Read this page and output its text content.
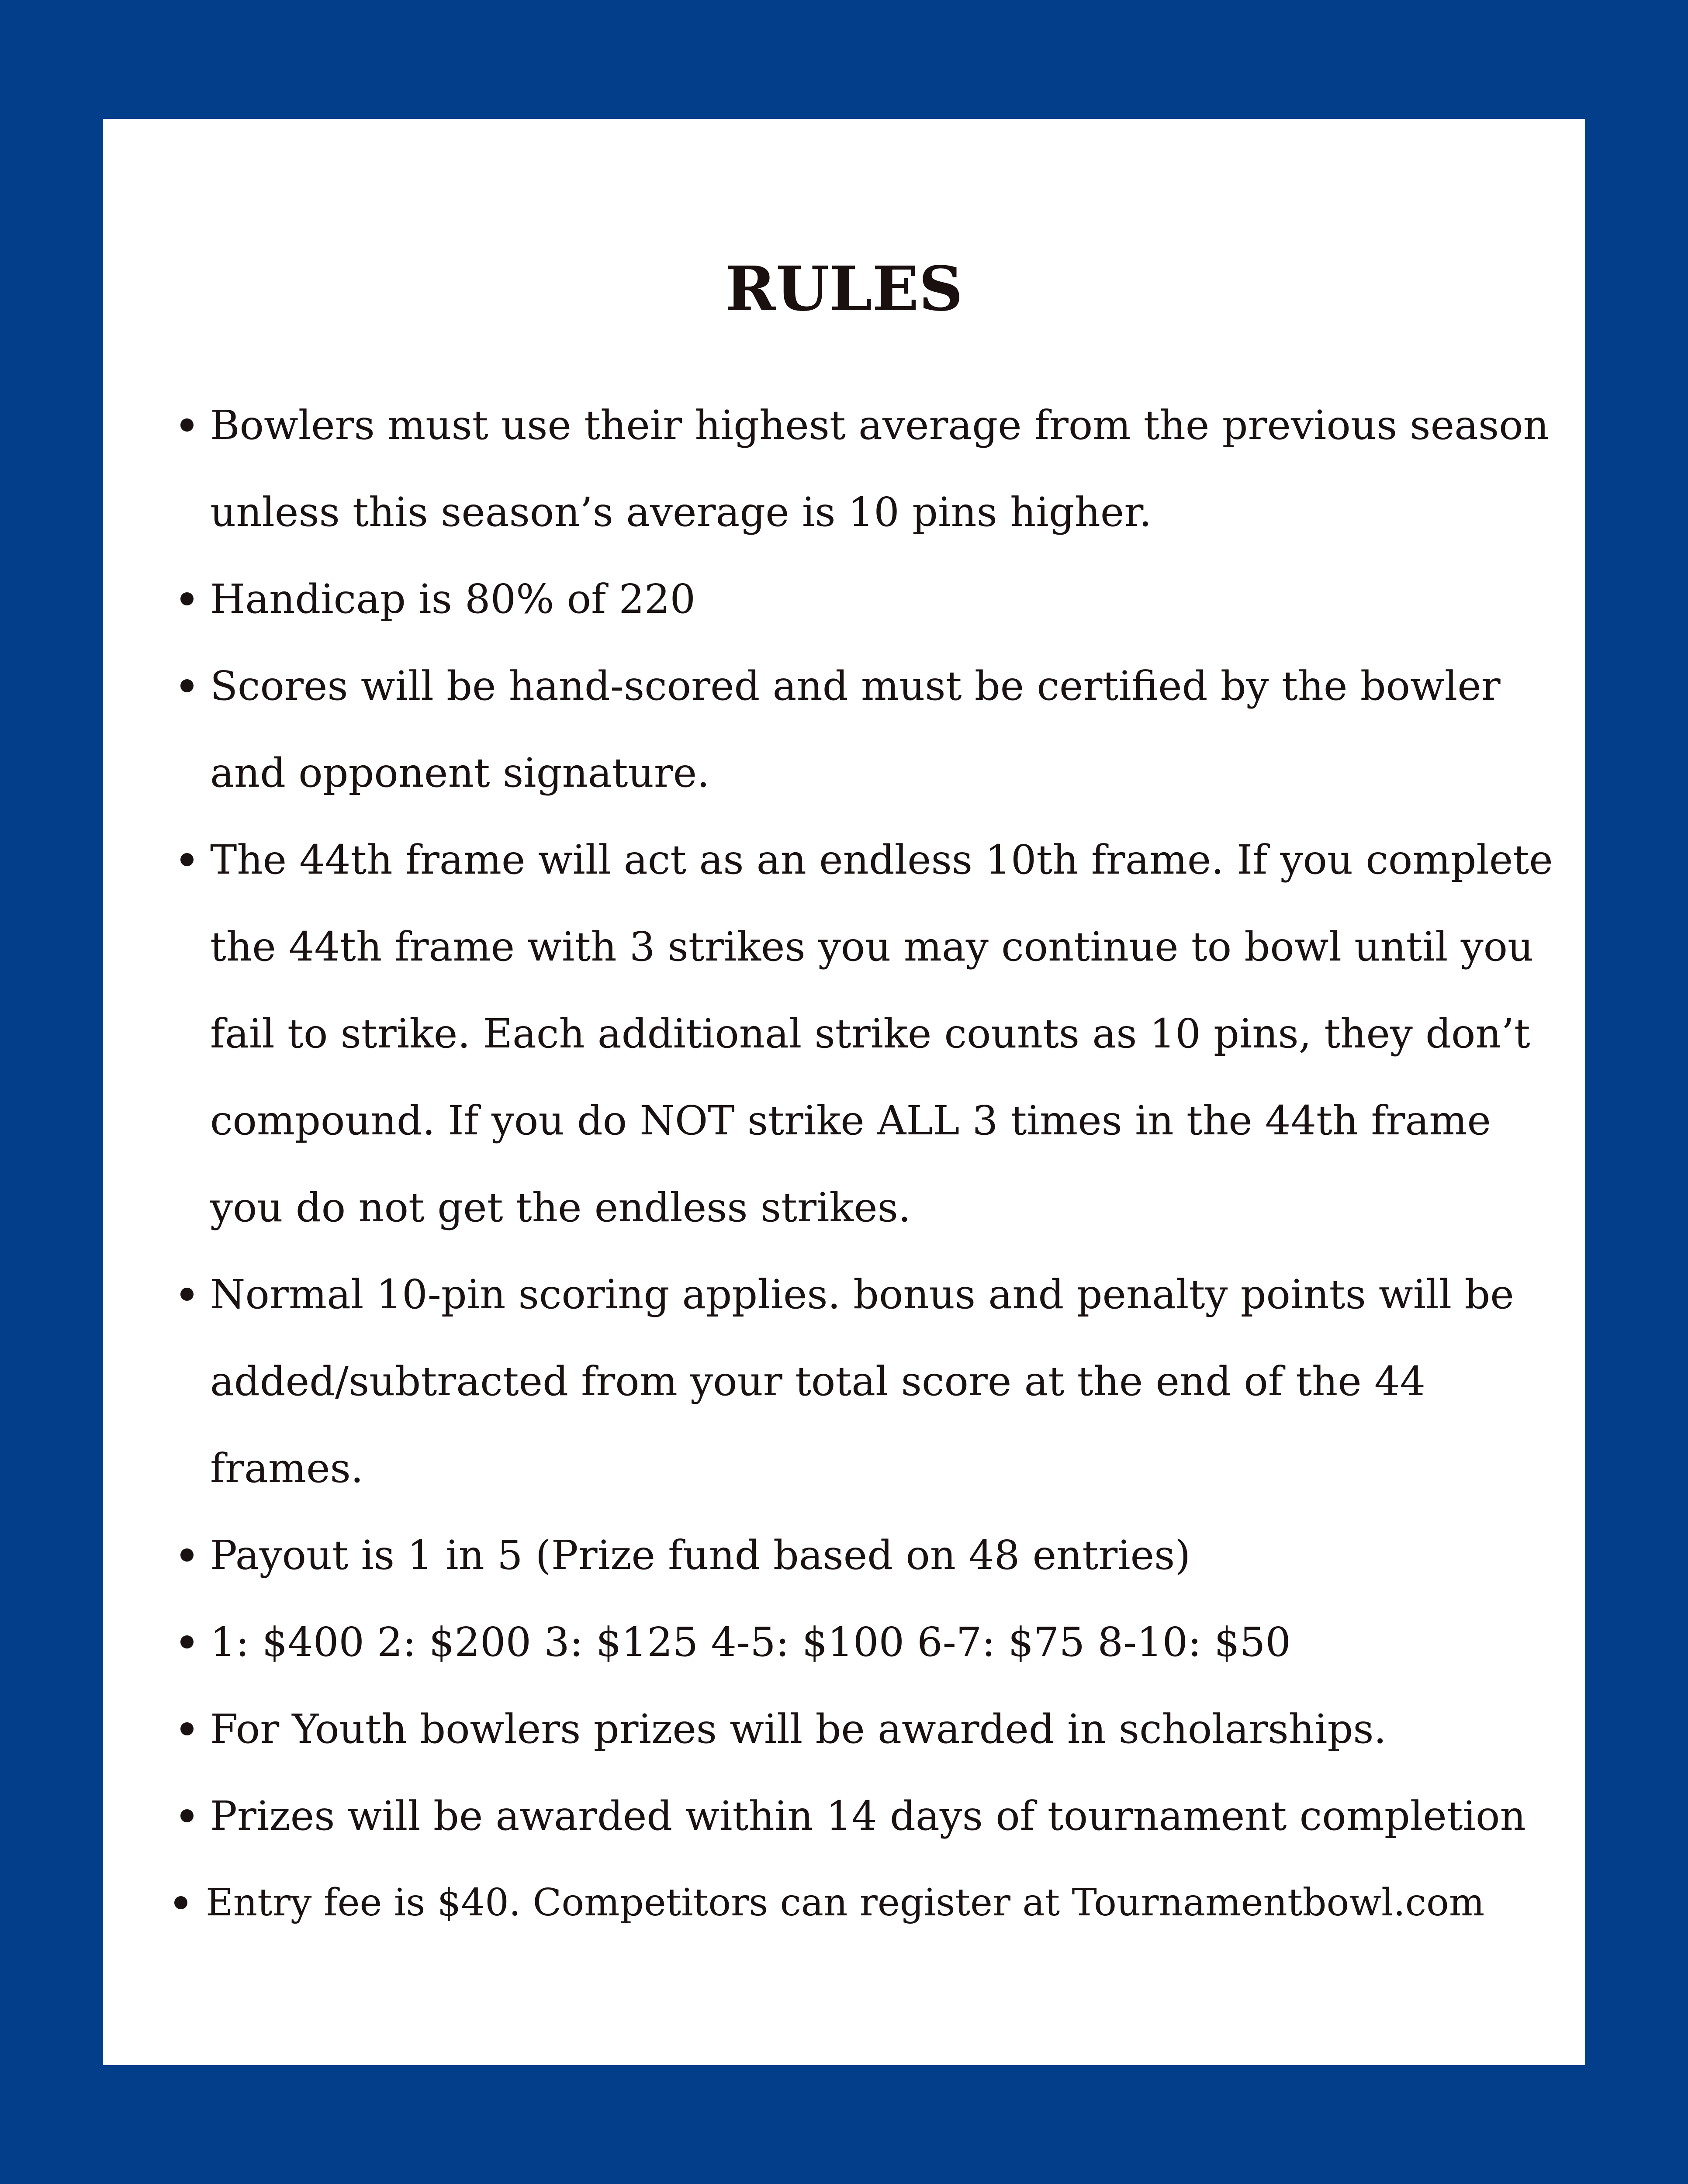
RULES
Bowlers must use their highest average from the previous season unless this season’s average is 10 pins higher.
Handicap is 80% of 220
Scores will be hand-scored and must be certified by the bowler and opponent signature.
The 44th frame will act as an endless 10th frame. If you complete the 44th frame with 3 strikes you may continue to bowl until you fail to strike. Each additional strike counts as 10 pins, they don’t compound. If you do NOT strike ALL 3 times in the 44th frame you do not get the endless strikes.
Normal 10-pin scoring applies. bonus and penalty points will be added/subtracted from your total score at the end of the 44 frames.
Payout is 1 in 5 (Prize fund based on 48 entries)
1: $400 2: $200 3: $125 4-5: $100 6-7: $75 8-10: $50
For Youth bowlers prizes will be awarded in scholarships.
Prizes will be awarded within 14 days of tournament completion
Entry fee is $40. Competitors can register at Tournamentbowl.com
